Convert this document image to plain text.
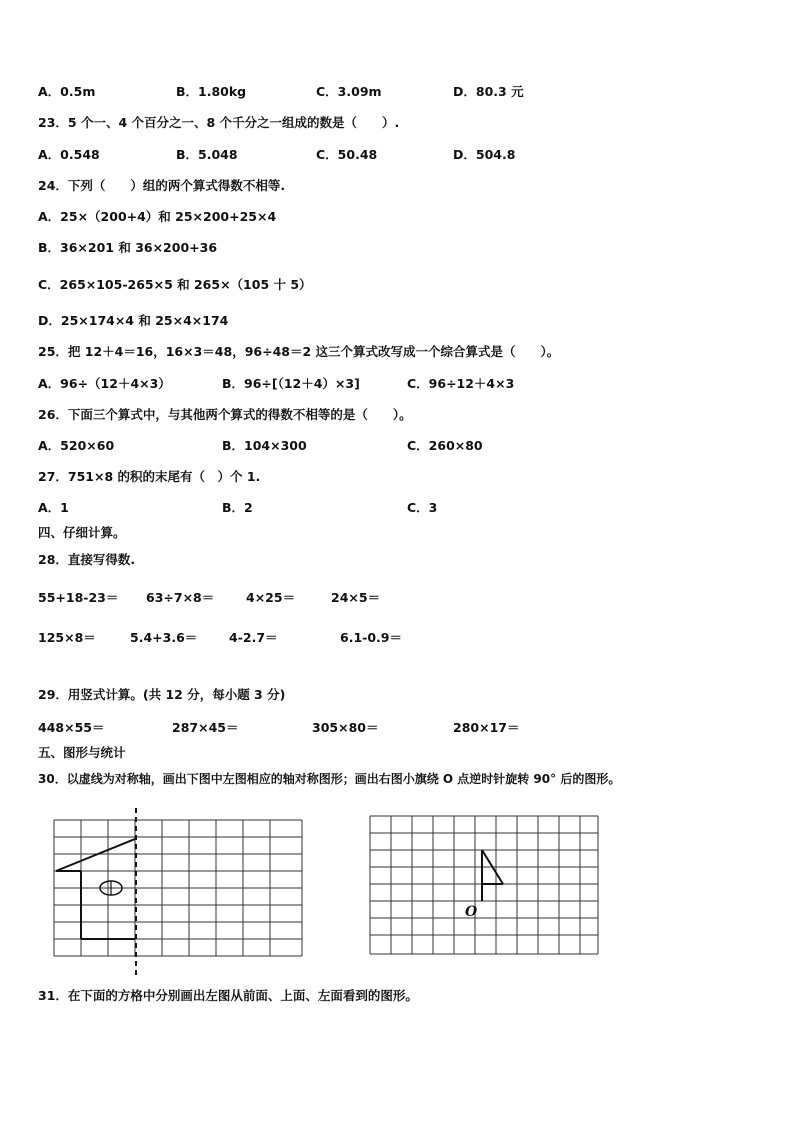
A．0.5m	B．1.80kg	C．3.09m	D．80.3 元
23．5 个一、4 个百分之一、8 个千分之一组成的数是（　　）.
A．0.548	B．5.048	C．50.48	D．504.8
24．下列（　　）组的两个算式得数不相等.
A．25×（200+4）和 25×200+25×4
B．36×201 和 36×200+36
C．265×105-265×5 和 265×（105 十 5）
D．25×174×4 和 25×4×174
25．把 12＋4＝16，16×3＝48，96÷48＝2 这三个算式改写成一个综合算式是（　　）。
A．96÷（12＋4×3）	B．96÷[（12＋4）×3]	C．96÷12＋4×3
26．下面三个算式中，与其他两个算式的得数不相等的是（　　）。
A．520×60	B．104×300	C．260×80
27．751×8 的积的末尾有（　）个 1.
A．1	B．2	C．3
四、仔细计算。
28．直接写得数.
55+18-23＝ 63÷7×8＝	4×25＝	24×5＝
125×8＝	5.4+3.6＝	4-2.7＝	6.1-0.9＝
29．用竖式计算。(共 12 分，每小题 3 分)
448×55＝	287×45＝	305×80＝	280×17＝
五、图形与统计
30．以虚线为对称轴，画出下图中左图相应的轴对称图形；画出右图小旗绕 O 点逆时针旋转 90° 后的图形。
O
31．在下面的方格中分别画出左图从前面、上面、左面看到的图形。
